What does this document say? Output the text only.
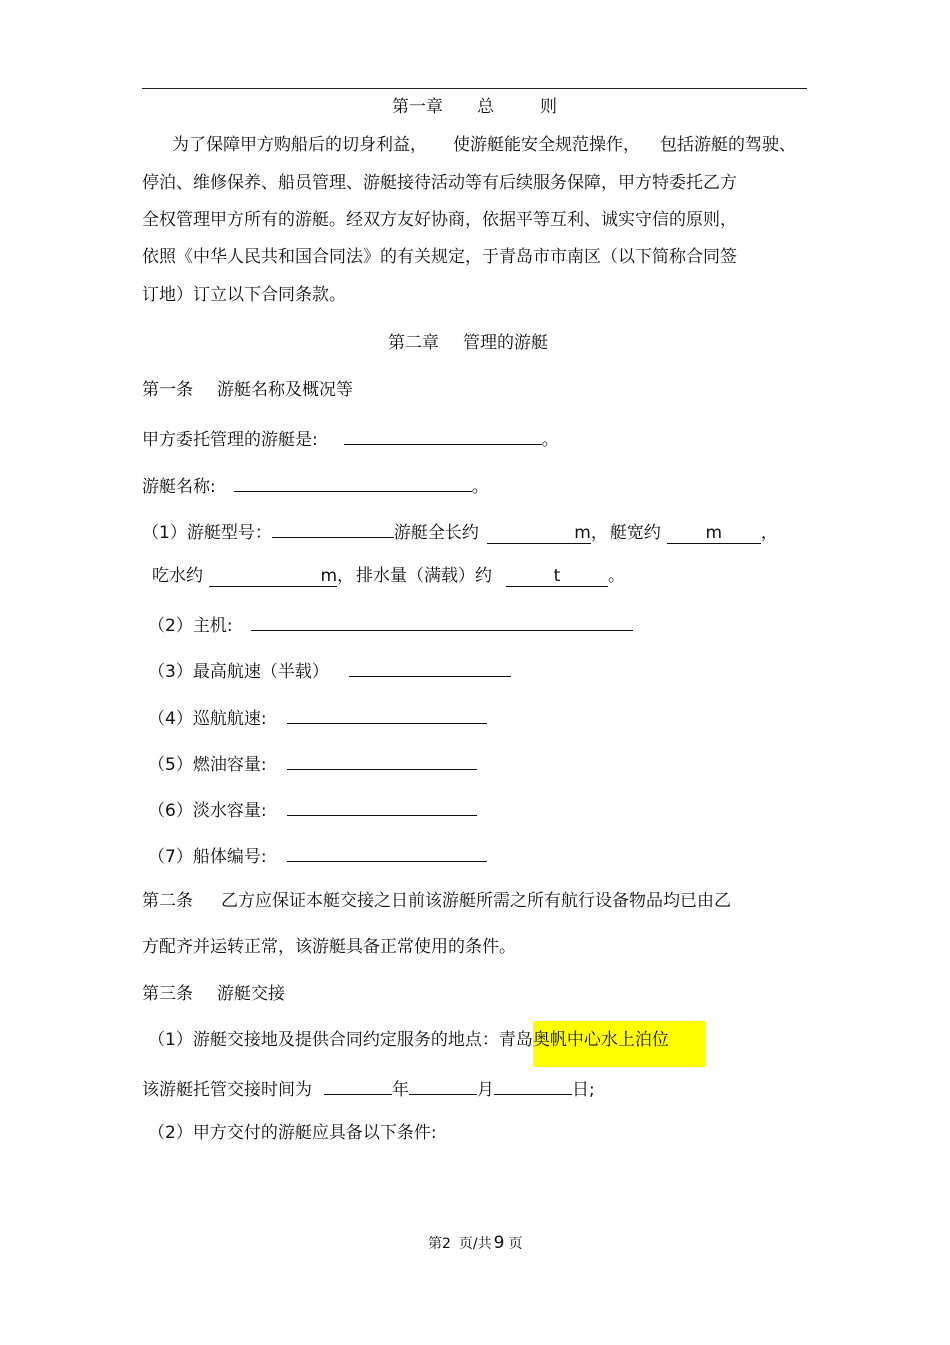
第一章 总	则
为了保障甲方购船后的切身利益， 使游艇能安全规范操作， 包括游艇的驾驶、
停泊、维修保养、船员管理、游艇接待活动等有后续服务保障，甲方特委托乙方
全权管理甲方所有的游艇。经双方友好协商，依据平等互利、诚实守信的原则，
依照《中华人民共和国合同法》的有关规定，于青岛市市南区（以下简称合同签
订地）订立以下合同条款。
第二章 管理的游艇
第一条 游艇名称及概况等
甲方委托管理的游艇是:	。
游艇名称:	。
（1）游艇型号：	游艇全长约	m， 艇宽约	m ，
吃水约	m， 排水量（满载）约	t	。
（2）主机:
（3）最高航速（半载）
（4）巡航航速:
（5）燃油容量:
（6）淡水容量:
（7）船体编号:
第二条 乙方应保证本艇交接之日前该游艇所需之所有航行设备物品均已由乙
方配齐并运转正常，该游艇具备正常使用的条件。
第三条 游艇交接
（1）游艇交接地及提供合同约定服务的地点：青岛奥帆中心水上泊位
该游艇托管交接时间为	年	月	日;
（2）甲方交付的游艇应具备以下条件:
第2 页/共 9 页
